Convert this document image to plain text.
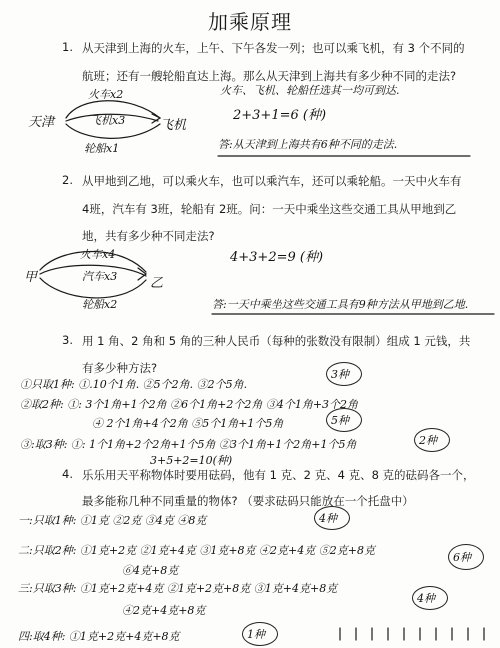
加乘原理
1. 从天津到上海的火车，上午、下午各发一列；也可以乘飞机，有 3 个不同的
航班；还有一艘轮船直达上海。那么从天津到上海共有多少种不同的走法?
天津
火车x2
飞机x3	飞机
轮船x1
火车、飞机、轮船任选其一均可到达.
2+3+1=6 (种)
答:从天津到上海共有6种不同的走法.
2. 从甲地到乙地，可以乘火车，也可以乘汽车，还可以乘轮船。一天中火车有
4班，汽车有 3班，轮船有 2班。问：一天中乘坐这些交通工具从甲地到乙
地，共有多少种不同走法?
甲
火车x4
汽车x3
轮船x2
乙
4+3+2=9 (种)
答:一天中乘坐这些交通工具有9种方法从甲地到乙地.
3. 用 1 角、2 角和 5 角的三种人民币（每种的张数没有限制）组成 1 元钱，共
有多少种方法?
①只取1种: ①.10个1角. ②5个2角. ③2个5角.
3种
②取2种: ①: 3个1角+1个2角 ②6个1角+2个2角 ③4个1角+3个2角
④ 2个1角+4个2角 ⑤5个1角+1个5角	5种
③:取3种: ①: 1个1角+2个2角+1个5角 ②3个1角+1个2角+1个5角	2种
3+5+2=10(种)
4. 乐乐用天平称物体时要用砝码，他有 1 克、2 克、4 克、8 克的砝码各一个，
最多能称几种不同重量的物体? （要求砝码只能放在一个托盘中）
一:只取1种: ①1克 ②2克 ③4克 ④8克	4种
二:只取2种: ①1克+2克 ②1克+4克 ③1克+8克 ④2克+4克 ⑤2克+8克
⑥4克+8克
6种
三:只取3种: ①1克+2克+4克 ②1克+2克+8克 ③1克+4克+8克
④2克+4克+8克
4种
四:取4种: ①1克+2克+4克+8克	1种
